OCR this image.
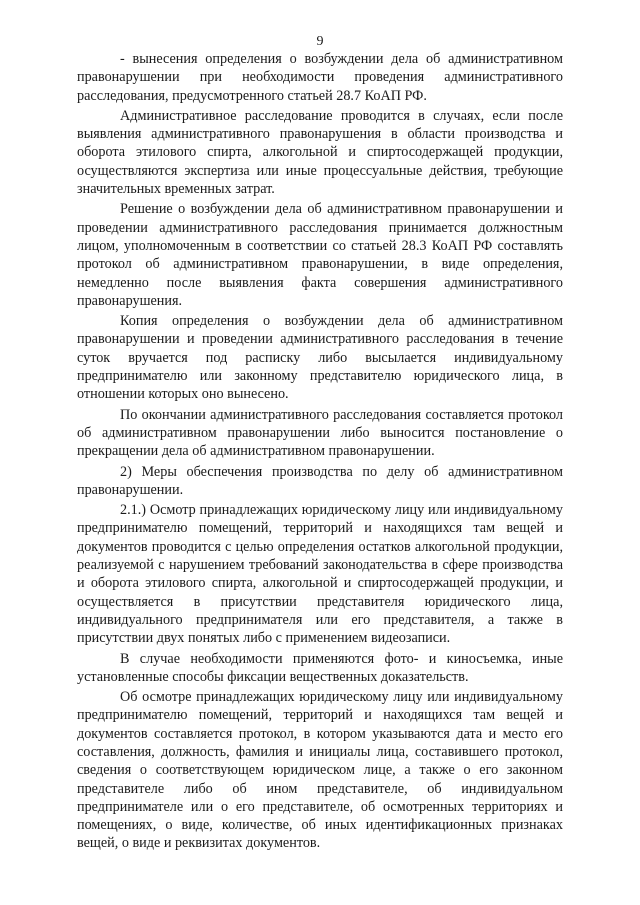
9

- вынесения определения о возбуждении дела об административном правонарушении при необходимости проведения административного расследования, предусмотренного статьей 28.7 КоАП РФ.

Административное расследование проводится в случаях, если после выявления административного правонарушения в области производства и оборота этилового спирта, алкогольной и спиртосодержащей продукции, осуществляются экспертиза или иные процессуальные действия, требующие значительных временных затрат.

Решение о возбуждении дела об административном правонарушении и проведении административного расследования принимается должностным лицом, уполномоченным в соответствии со статьей 28.3 КоАП РФ составлять протокол об административном правонарушении, в виде определения, немедленно после выявления факта совершения административного правонарушения.

Копия определения о возбуждении дела об административном правонарушении и проведении административного расследования в течение суток вручается под расписку либо высылается индивидуальному предпринимателю или законному представителю юридического лица, в отношении которых оно вынесено.

По окончании административного расследования составляется протокол об административном правонарушении либо выносится постановление о прекращении дела об административном правонарушении.

2) Меры обеспечения производства по делу об административном правонарушении.

2.1.) Осмотр принадлежащих юридическому лицу или индивидуальному предпринимателю помещений, территорий и находящихся там вещей и документов проводится с целью определения остатков алкогольной продукции, реализуемой с нарушением требований законодательства в сфере производства и оборота этилового спирта, алкогольной и спиртосодержащей продукции, и осуществляется в присутствии представителя юридического лица, индивидуального предпринимателя или его представителя, а также в присутствии двух понятых либо с применением видеозаписи.

В случае необходимости применяются фото- и киносъемка, иные установленные способы фиксации вещественных доказательств.

Об осмотре принадлежащих юридическому лицу или индивидуальному предпринимателю помещений, территорий и находящихся там вещей и документов составляется протокол, в котором указываются дата и место его составления, должность, фамилия и инициалы лица, составившего протокол, сведения о соответствующем юридическом лице, а также о его законном представителе либо об ином представителе, об индивидуальном предпринимателе или о его представителе, об осмотренных территориях и помещениях, о виде, количестве, об иных идентификационных признаках вещей, о виде и реквизитах документов.
